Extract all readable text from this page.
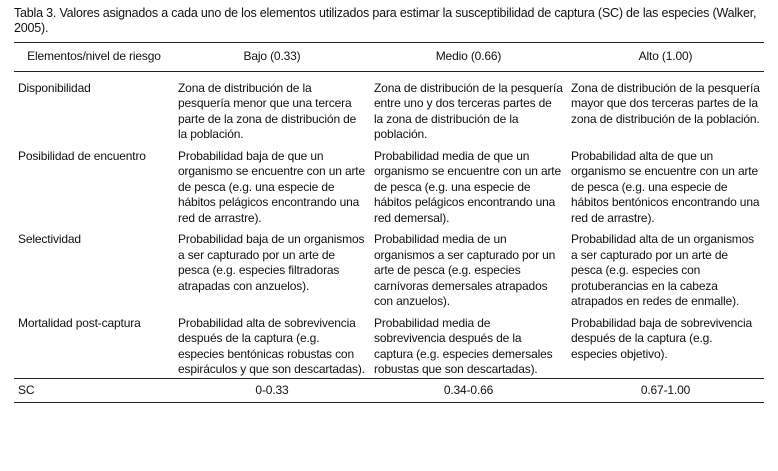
Tabla 3. Valores asignados a cada uno de los elementos utilizados para estimar la susceptibilidad de captura (SC) de las especies (Walker, 2005).
Elementos/nivel de riesgo	Bajo (0.33)	Medio (0.66)	Alto (1.00)
Disponibilidad	Zona de distribución de la pesquería menor que una tercera parte de la zona de distribución de la población.	Zona de distribución de la pesquería entre uno y dos terceras partes de la zona de distribución de la población.	Zona de distribución de la pesquería mayor que dos terceras partes de la zona de distribución de la población.
Posibilidad de encuentro	Probabilidad baja de que un organismo se encuentre con un arte de pesca (e.g. una especie de hábitos pelágicos encontrando una red de arrastre).	Probabilidad media de que un organismo se encuentre con un arte de pesca (e.g. una especie de hábitos pelágicos encontrando una red demersal).	Probabilidad alta de que un organismo se encuentre con un arte de pesca (e.g. una especie de hábitos bentónicos encontrando una red de arrastre).
Selectividad	Probabilidad baja de un organismos a ser capturado por un arte de pesca (e.g. especies filtradoras atrapadas con anzuelos).	Probabilidad media de un organismos a ser capturado por un arte de pesca (e.g. especies carnívoras demersales atrapados con anzuelos).	Probabilidad alta de un organismos a ser capturado por un arte de pesca (e.g. especies con protuberancias en la cabeza atrapados en redes de enmalle).
Mortalidad post-captura	Probabilidad alta de sobrevivencia después de la captura (e.g. especies bentónicas robustas con espiráculos y que son descartadas).	Probabilidad media de sobrevivencia después de la captura (e.g. especies demersales robustas que son descartadas).	Probabilidad baja de sobrevivencia después de la captura (e.g. especies objetivo).
SC	0-0.33	0.34-0.66	0.67-1.00
